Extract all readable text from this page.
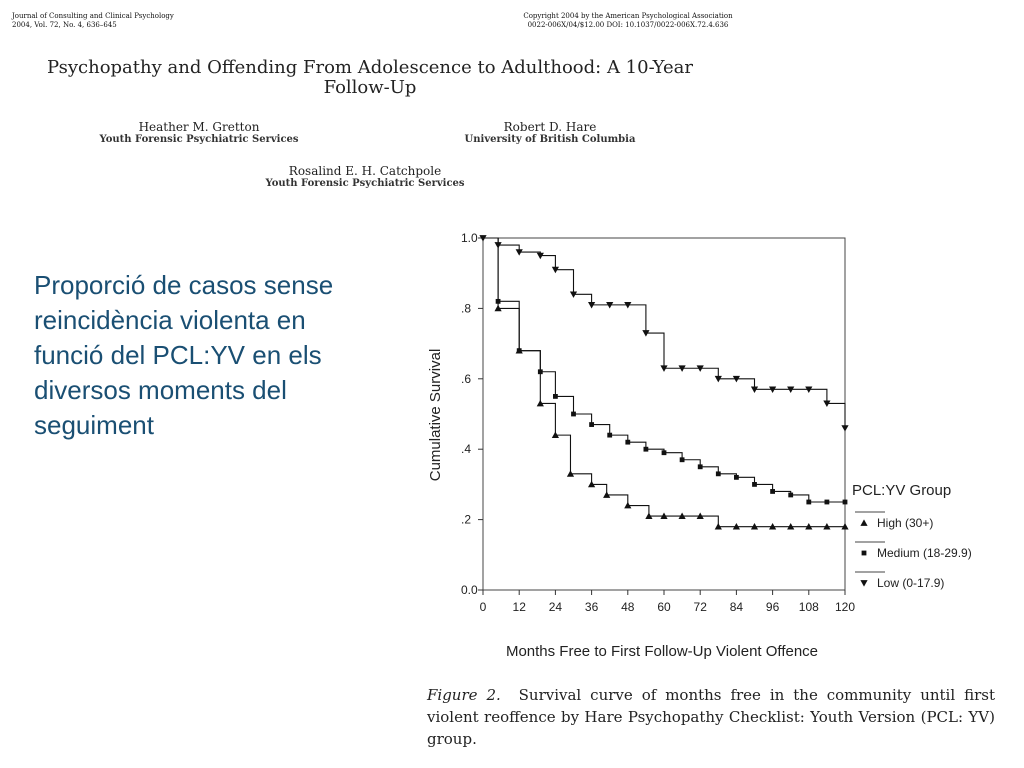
Journal of Consulting and Clinical Psychology
2004, Vol. 72, No. 4, 636–645
Copyright 2004 by the American Psychological Association
0022-006X/04/$12.00 DOI: 10.1037/0022-006X.72.4.636
Psychopathy and Offending From Adolescence to Adulthood: A 10-Year Follow-Up
Heather M. Gretton
Youth Forensic Psychiatric Services
Robert D. Hare
University of British Columbia
Rosalind E. H. Catchpole
Youth Forensic Psychiatric Services
Proporció de casos sense reincidència violenta en funció del PCL:YV en els diversos moments del seguiment
0 12 24 36 48 60 72 84 96 108 120
0.0
.2
.4
.6
.8
1.0
Cumulative Survival
Months Free to First Follow-Up Violent Offence
PCL:YV Group
High (30+)
Medium (18-29.9)
Low (0-17.9)
Figure 2. Survival curve of months free in the community until first violent reoffence by Hare Psychopathy Checklist: Youth Version (PCL: YV) group.
